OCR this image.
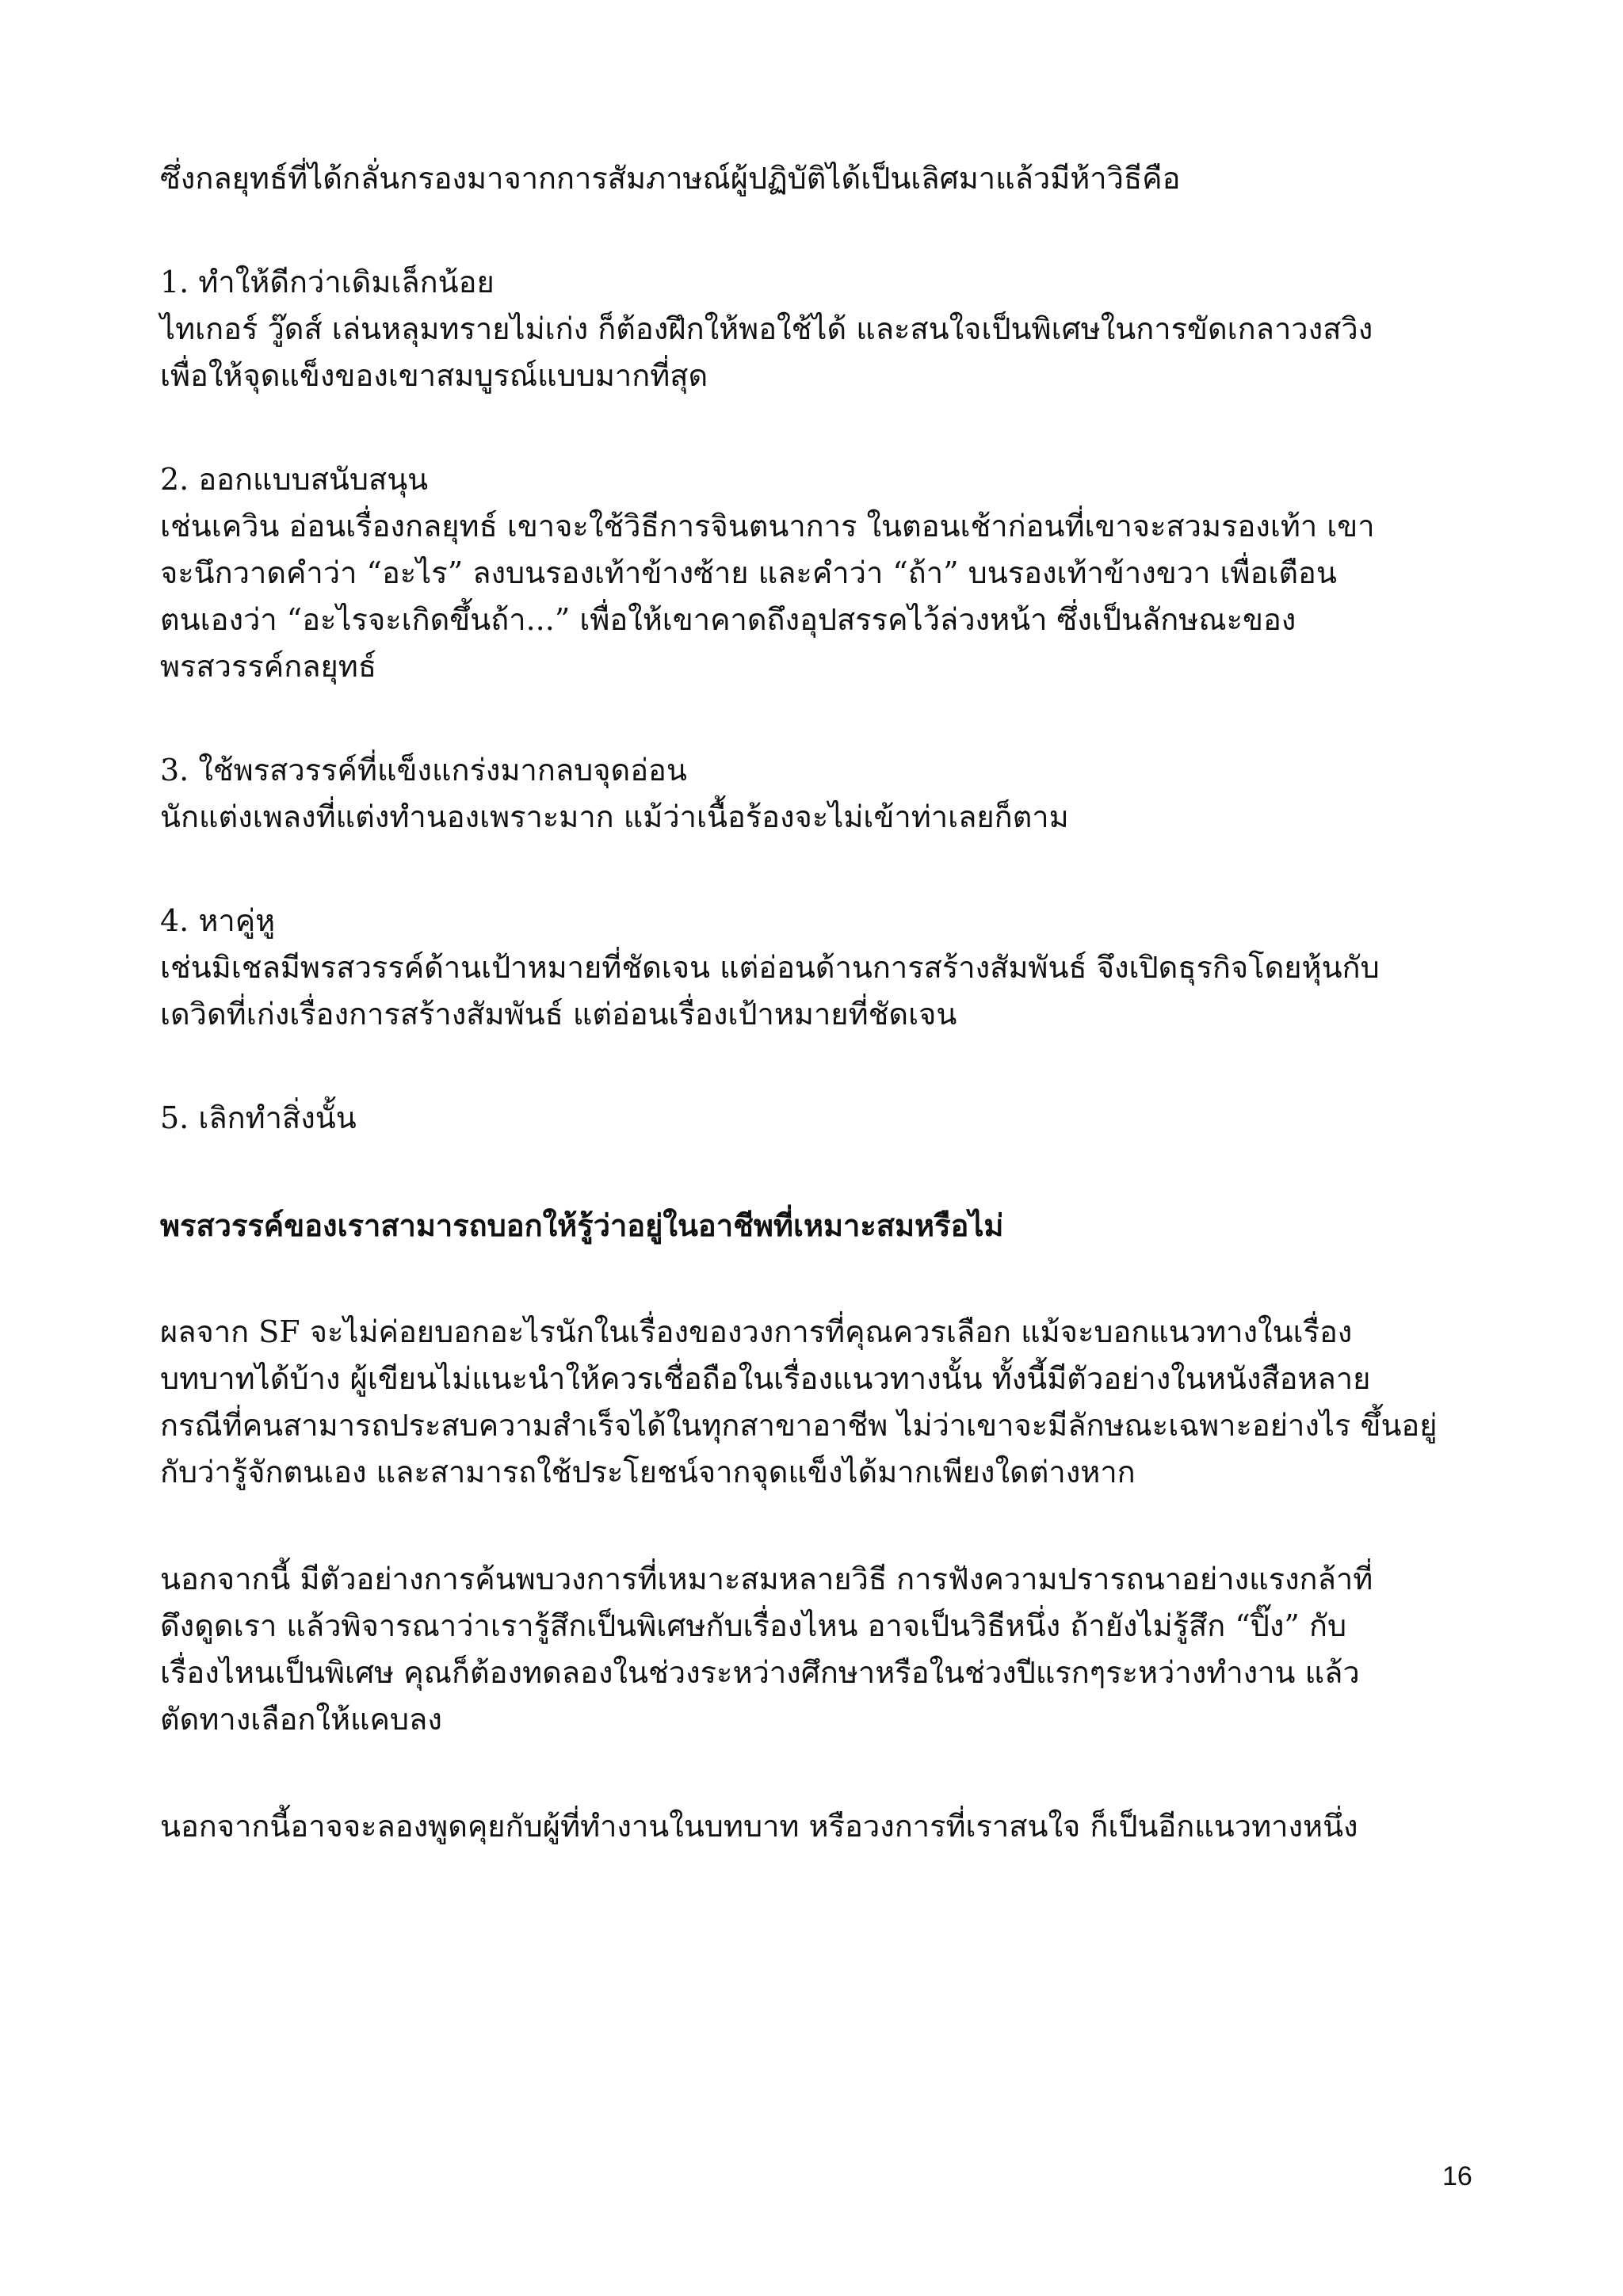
ซึ่งกลยุทธ์ที่ได้กลั่นกรองมาจากการสัมภาษณ์ผู้ปฏิบัติได้เป็นเลิศมาแล้วมีห้าวิธีคือ

1. ทำให้ดีกว่าเดิมเล็กน้อย
ไทเกอร์ วู๊ดส์ เล่นหลุมทรายไม่เก่ง ก็ต้องฝึกให้พอใช้ได้ และสนใจเป็นพิเศษในการขัดเกลาวงสวิง
เพื่อให้จุดแข็งของเขาสมบูรณ์แบบมากที่สุด

2. ออกแบบสนับสนุน
เช่นเควิน อ่อนเรื่องกลยุทธ์ เขาจะใช้วิธีการจินตนาการ ในตอนเช้าก่อนที่เขาจะสวมรองเท้า เขา
จะนึกวาดคำว่า “อะไร” ลงบนรองเท้าข้างซ้าย และคำว่า “ถ้า” บนรองเท้าข้างขวา เพื่อเตือน
ตนเองว่า “อะไรจะเกิดขึ้นถ้า...” เพื่อให้เขาคาดถึงอุปสรรคไว้ล่วงหน้า ซึ่งเป็นลักษณะของ
พรสวรรค์กลยุทธ์

3. ใช้พรสวรรค์ที่แข็งแกร่งมากลบจุดอ่อน
นักแต่งเพลงที่แต่งทำนองเพราะมาก แม้ว่าเนื้อร้องจะไม่เข้าท่าเลยก็ตาม

4. หาคู่หู
เช่นมิเชลมีพรสวรรค์ด้านเป้าหมายที่ชัดเจน แต่อ่อนด้านการสร้างสัมพันธ์ จึงเปิดธุรกิจโดยหุ้นกับ
เดวิดที่เก่งเรื่องการสร้างสัมพันธ์ แต่อ่อนเรื่องเป้าหมายที่ชัดเจน

5. เลิกทำสิ่งนั้น

พรสวรรค์ของเราสามารถบอกให้รู้ว่าอยู่ในอาชีพที่เหมาะสมหรือไม่

ผลจาก SF จะไม่ค่อยบอกอะไรนักในเรื่องของวงการที่คุณควรเลือก แม้จะบอกแนวทางในเรื่อง
บทบาทได้บ้าง ผู้เขียนไม่แนะนำให้ควรเชื่อถือในเรื่องแนวทางนั้น ทั้งนี้มีตัวอย่างในหนังสือหลาย
กรณีที่คนสามารถประสบความสำเร็จได้ในทุกสาขาอาชีพ ไม่ว่าเขาจะมีลักษณะเฉพาะอย่างไร ขึ้นอยู่
กับว่ารู้จักตนเอง และสามารถใช้ประโยชน์จากจุดแข็งได้มากเพียงใดต่างหาก

นอกจากนี้ มีตัวอย่างการค้นพบวงการที่เหมาะสมหลายวิธี การฟังความปรารถนาอย่างแรงกล้าที่
ดึงดูดเรา แล้วพิจารณาว่าเรารู้สึกเป็นพิเศษกับเรื่องไหน อาจเป็นวิธีหนึ่ง ถ้ายังไม่รู้สึก “ปิ๊ง” กับ
เรื่องไหนเป็นพิเศษ คุณก็ต้องทดลองในช่วงระหว่างศึกษาหรือในช่วงปีแรกๆระหว่างทำงาน แล้ว
ตัดทางเลือกให้แคบลง

นอกจากนี้อาจจะลองพูดคุยกับผู้ที่ทำงานในบทบาท หรือวงการที่เราสนใจ ก็เป็นอีกแนวทางหนึ่ง

16
